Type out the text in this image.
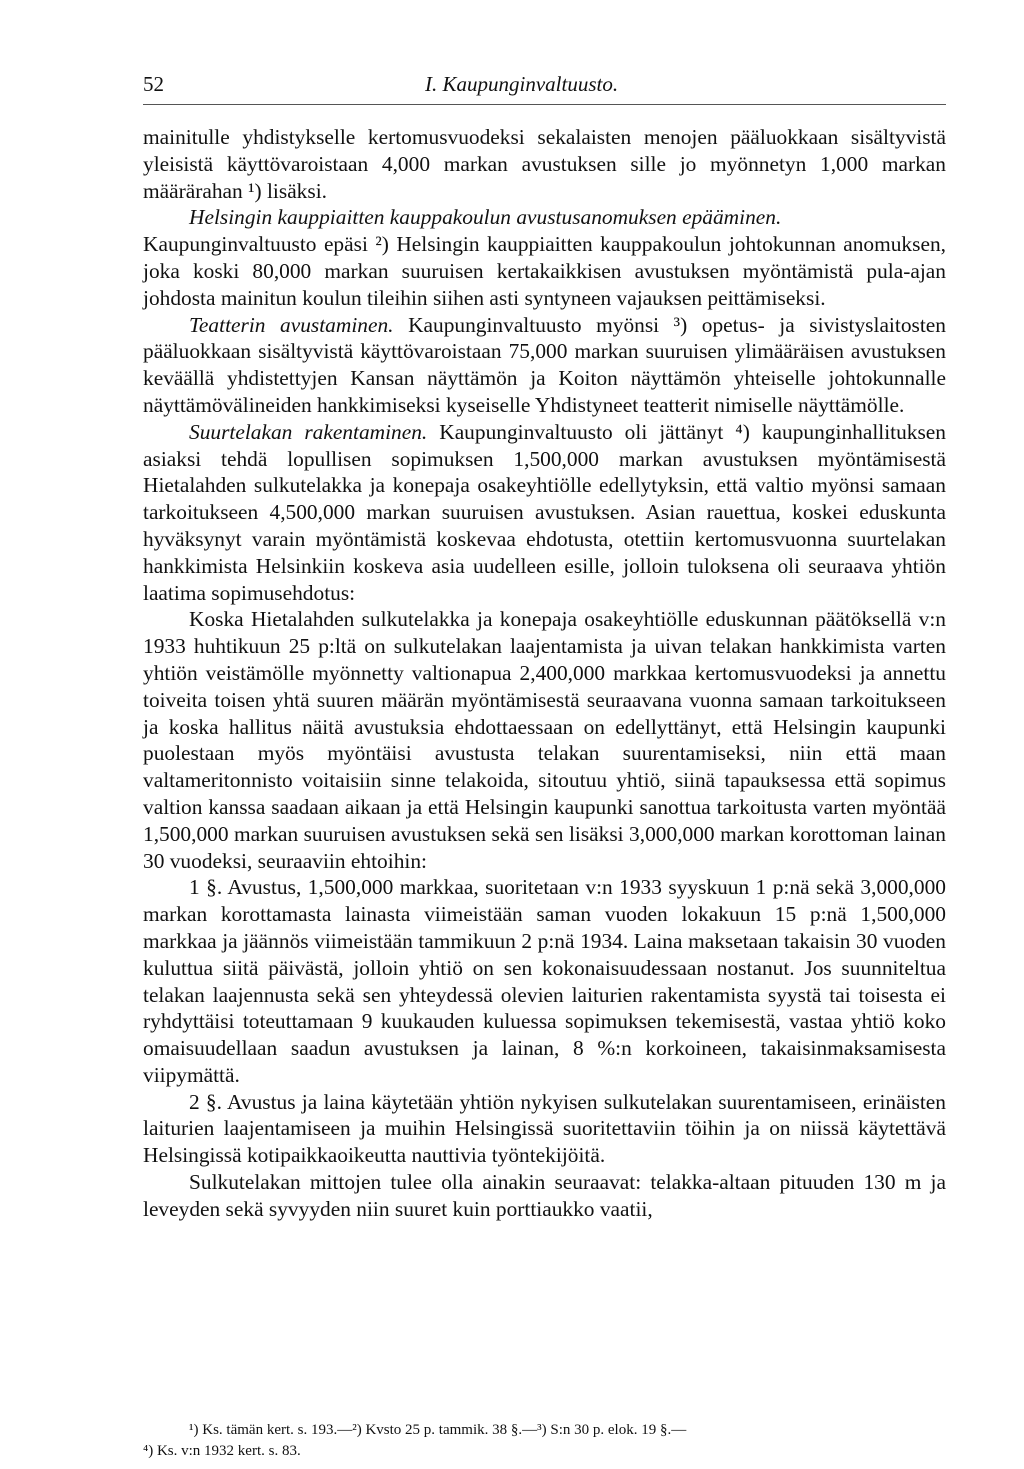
52	I. Kaupunginvaltuusto.

mainitulle yhdistykselle kertomusvuodeksi sekalaisten menojen pääluokkaan sisältyvistä yleisistä käyttövaroistaan 4,000 markan avustuksen sille jo myönnetyn 1,000 markan määrärahan ¹) lisäksi.

Helsingin kauppiaitten kauppakoulun avustusanomuksen epääminen.
Kaupunginvaltuusto epäsi ²) Helsingin kauppiaitten kauppakoulun johtokunnan anomuksen, joka koski 80,000 markan suuruisen kertakaikkisen avustuksen myöntämistä pula-ajan johdosta mainitun koulun tileihin siihen asti syntyneen vajauksen peittämiseksi.

Teatterin avustaminen. Kaupunginvaltuusto myönsi ³) opetus- ja sivistyslaitosten pääluokkaan sisältyvistä käyttövaroistaan 75,000 markan suuruisen ylimääräisen avustuksen keväällä yhdistettyjen Kansan näyttämön ja Koiton näyttämön yhteiselle johtokunnalle näyttämövälineiden hankkimiseksi kyseiselle Yhdistyneet teatterit nimiselle näyttämölle.

Suurtelakan rakentaminen. Kaupunginvaltuusto oli jättänyt ⁴) kaupunginhallituksen asiaksi tehdä lopullisen sopimuksen 1,500,000 markan avustuksen myöntämisestä Hietalahden sulkutelakka ja konepaja osakeyhtiölle edellytyksin, että valtio myönsi samaan tarkoitukseen 4,500,000 markan suuruisen avustuksen. Asian rauettua, koskei eduskunta hyväksynyt varain myöntämistä koskevaa ehdotusta, otettiin kertomusvuonna suurtelakan hankkimista Helsinkiin koskeva asia uudelleen esille, jolloin tuloksena oli seuraava yhtiön laatima sopimusehdotus:

Koska Hietalahden sulkutelakka ja konepaja osakeyhtiölle eduskunnan päätöksellä v:n 1933 huhtikuun 25 p:ltä on sulkutelakan laajentamista ja uivan telakan hankkimista varten yhtiön veistämölle myönnetty valtionapua 2,400,000 markkaa kertomusvuodeksi ja annettu toiveita toisen yhtä suuren määrän myöntämisestä seuraavana vuonna samaan tarkoitukseen ja koska hallitus näitä avustuksia ehdottaessaan on edellyttänyt, että Helsingin kaupunki puolestaan myös myöntäisi avustusta telakan suurentamiseksi, niin että maan valtameritonnisto voitaisiin sinne telakoida, sitoutuu yhtiö, siinä tapauksessa että sopimus valtion kanssa saadaan aikaan ja että Helsingin kaupunki sanottua tarkoitusta varten myöntää 1,500,000 markan suuruisen avustuksen sekä sen lisäksi 3,000,000 markan korottoman lainan 30 vuodeksi, seuraaviin ehtoihin:

1 §. Avustus, 1,500,000 markkaa, suoritetaan v:n 1933 syyskuun 1 p:nä sekä 3,000,000 markan korottamasta lainasta viimeistään saman vuoden lokakuun 15 p:nä 1,500,000 markkaa ja jäännös viimeistään tammikuun 2 p:nä 1934. Laina maksetaan takaisin 30 vuoden kuluttua siitä päivästä, jolloin yhtiö on sen kokonaisuudessaan nostanut. Jos suunniteltua telakan laajennusta sekä sen yhteydessä olevien laiturien rakentamista syystä tai toisesta ei ryhdyttäisi toteuttamaan 9 kuukauden kuluessa sopimuksen tekemisestä, vastaa yhtiö koko omaisuudellaan saadun avustuksen ja lainan, 8 %:n korkoineen, takaisinmaksamisesta viipymättä.

2 §. Avustus ja laina käytetään yhtiön nykyisen sulkutelakan suurentamiseen, erinäisten laiturien laajentamiseen ja muihin Helsingissä suoritettaviin töihin ja on niissä käytettävä Helsingissä kotipaikkaoikeutta nauttivia työntekijöitä.

Sulkutelakan mittojen tulee olla ainakin seuraavat: telakka-altaan pituuden 130 m ja leveyden sekä syvyyden niin suuret kuin porttiaukko vaatii,

¹) Ks. tämän kert. s. 193.—²) Kvsto 25 p. tammik. 38 §.—³) S:n 30 p. elok. 19 §.—
⁴) Ks. v:n 1932 kert. s. 83.
